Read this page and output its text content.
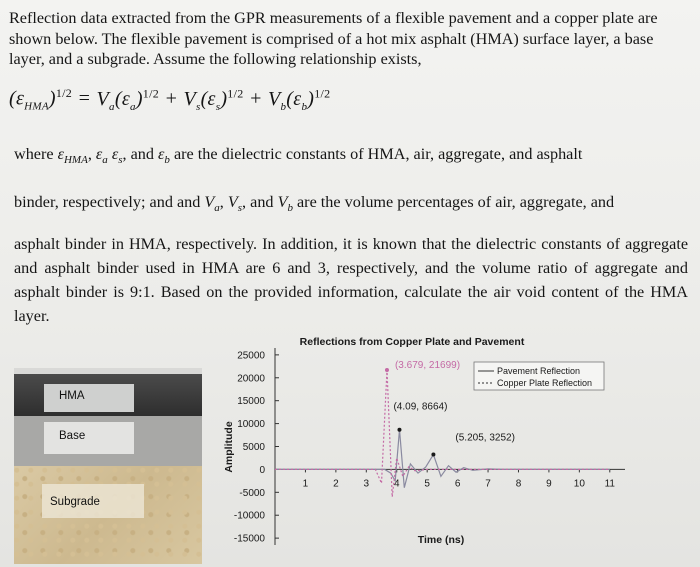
Reflection data extracted from the GPR measurements of a flexible pavement and a copper plate are shown below. The flexible pavement is comprised of a hot mix asphalt (HMA) surface layer, a base layer, and a subgrade. Assume the following relationship exists,

$(\varepsilon_{HMA})^{1/2} = V_a(\varepsilon_a)^{1/2} + V_s(\varepsilon_s)^{1/2} + V_b(\varepsilon_b)^{1/2}$

where $\varepsilon_{HMA}$, $\varepsilon_a$ $\varepsilon_s$, and $\varepsilon_b$ are the dielectric constants of HMA, air, aggregate, and asphalt

binder, respectively; and and $V_a$, $V_s$, and $V_b$ are the volume percentages of air, aggregate, and

asphalt binder in HMA, respectively. In addition, it is known that the dielectric constants of aggregate and asphalt binder used in HMA are 6 and 3, respectively, and the volume ratio of aggregate and asphalt binder is 9:1. Based on the provided information, calculate the air void content of the HMA layer.

HMA
Base
Subgrade
Reflections from Copper Plate and Pavement
Amplitude
Time (ns)
25000
20000
15000
10000
5000
0
-5000
-10000
-15000
1 2 3 4 5 6 7 8 9 10 11
(3.679, 21699)
(4.09, 8664)
(5.205, 3252)
Pavement Reflection
Copper Plate Reflection
